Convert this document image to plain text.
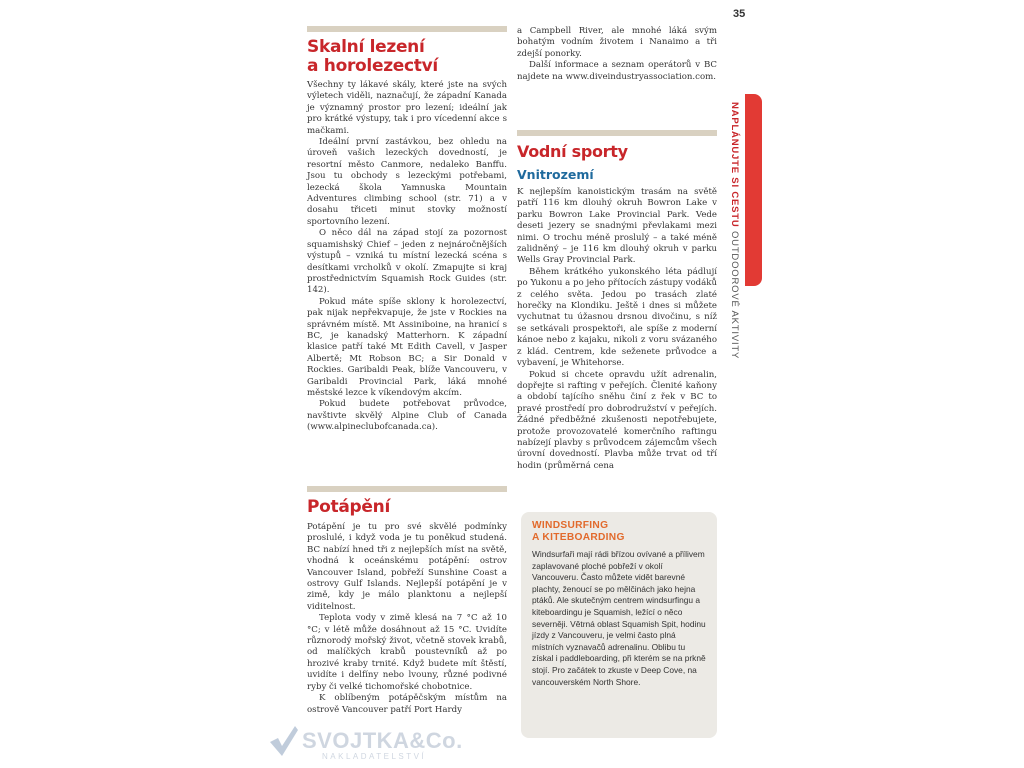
35
Skalní lezení
a horolezectví

Všechny ty lákavé skály, které jste na svých výletech viděli, naznačují, že západní Kanada je významný prostor pro lezení; ideální jak pro krátké výstupy, tak i pro vícedenní akce s mačkami.

Ideální první zastávkou, bez ohledu na úroveň vašich lezeckých dovedností, je resortní město Canmore, nedaleko Banffu. Jsou tu obchody s lezeckými potřebami, lezecká škola Yamnuska Mountain Adventures climbing school (str. 71) a v dosahu třiceti minut stovky možností sportovního lezení.

O něco dál na západ stojí za pozornost squamishský Chief – jeden z nejnáročnějších výstupů – vzniká tu místní lezecká scéna s desítkami vrcholků v okolí. Zmapujte si kraj prostřednictvím Squamish Rock Guides (str. 142).

Pokud máte spíše sklony k horolezectví, pak nijak nepřekvapuje, že jste v Rockies na správném místě. Mt Assiniboine, na hranicí s BC, je kanadský Matterhorn. K západní klasice patří také Mt Edith Cavell, v Jasper Albertě; Mt Robson BC; a Sir Donald v Rockies. Garibaldi Peak, blíže Vancouveru, v Garibaldi Provincial Park, láká mnohé městské lezce k víkendovým akcím.

Pokud budete potřebovat průvodce, navštivte skvělý Alpine Club of Canada (www.alpineclubofcanada.ca).

Potápění

Potápění je tu pro své skvělé podmínky proslulé, i když voda je tu poněkud studená. BC nabízí hned tři z nejlepších míst na světě, vhodná k oceánskému potápění: ostrov Vancouver Island, pobřeží Sunshine Coast a ostrovy Gulf Islands. Nejlepší potápění je v zimě, kdy je málo planktonu a nejlepší viditelnost.

Teplota vody v zimě klesá na 7 °C až 10 °C; v létě může dosáhnout až 15 °C. Uvidíte různorodý mořský život, včetně stovek krabů, od malíčkých krabů poustevníků až po hrozivé kraby trnité. Když budete mít štěstí, uvidíte i delfíny nebo lvouny, různé podivné ryby či velké tichomořské chobotnice.

K oblíbeným potápěčským místům na ostrově Vancouver patří Port Hardy

a Campbell River, ale mnohé láká svým bohatým vodním životem i Nanaimo a tři zdejší ponorky.

Další informace a seznam operátorů v BC najdete na www.diveindustryassociation.com.

Vodní sporty
Vnitrozemí

K nejlepším kanoistickým trasám na světě patří 116 km dlouhý okruh Bowron Lake v parku Bowron Lake Provincial Park. Vede deseti jezery se snadnými převlakami mezi nimi. O trochu méně proslulý – a také méně zalidněný – je 116 km dlouhý okruh v parku Wells Gray Provincial Park.

Během krátkého yukonského léta pádlují po Yukonu a po jeho přítocích zástupy vodáků z celého světa. Jedou po trasách zlaté horečky na Klondiku. Ještě i dnes si můžete vychutnat tu úžasnou drsnou divočinu, s níž se setkávali prospektoři, ale spíše z moderní kánoe nebo z kajaku, nikoli z voru svázaného z klád. Centrem, kde seženete průvodce a vybavení, je Whitehorse.

Pokud si chcete opravdu užít adrenalin, dopřejte si rafting v peřejích. Členité kaňony a období tajícího sněhu činí z řek v BC to pravé prostředí pro dobrodružství v peřejích. Žádné předběžné zkušenosti nepotřebujete, protože provozovatelé komerčního raftingu nabízejí plavby s průvodcem zájemcům všech úrovní dovedností. Plavba může trvat od tří hodin (průměrná cena

WINDSURFING
A KITEBOARDING
Windsurfaři mají rádi břízou ovívané a přílivem zaplavované ploché pobřeží v okolí Vancouveru. Často můžete vidět barevné plachty, ženoucí se po mělčinách jako hejna ptáků. Ale skutečným centrem windsurfingu a kiteboardingu je Squamish, ležící o něco severněji. Větrná oblast Squamish Spit, hodinu jízdy z Vancouveru, je velmi často plná místních vyznavačů adrenalinu. Oblibu tu získal i paddleboarding, při kterém se na prkně stojí. Pro začátek to zkuste v Deep Cove, na vancouverském North Shore.
NAPLÁNUJTE SI CESTU OUTDOOROVÉ AKTIVITY
SVOJTKA&Co.
NAKLADATELSTVÍ
